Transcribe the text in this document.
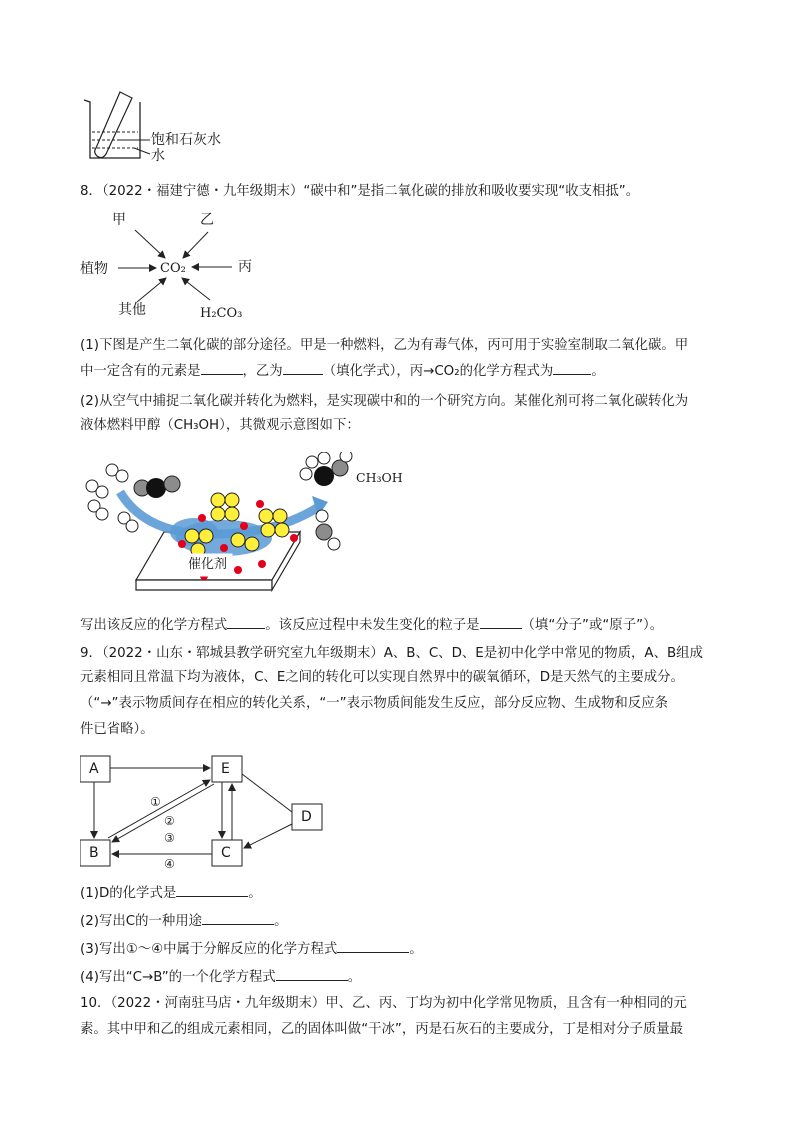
饱和石灰水
水
8．（2022・福建宁德・九年级期末）“碳中和”是指二氧化碳的排放和吸收要实现“收支相抵”。
甲	乙
植物	CO₂	丙
其他	H₂CO₃
(1)下图是产生二氧化碳的部分途径。甲是一种燃料，乙为有毒气体，丙可用于实验室制取二氧化碳。甲
中一定含有的元素是	，乙为	（填化学式），丙→CO₂的化学方程式为	。
(2)从空气中捕捉二氧化碳并转化为燃料，是实现碳中和的一个研究方向。某催化剂可将二氧化碳转化为
液体燃料甲醇（CH₃OH），其微观示意图如下：
CH₃OH
催化剂
写出该反应的化学方程式	。该反应过程中未发生变化的粒子是	（填“分子”或“原子”）。
9．（2022・山东・郓城县教学研究室九年级期末）A、B、C、D、E是初中化学中常见的物质，A、B组成
元素相同且常温下均为液体，C、E之间的转化可以实现自然界中的碳氧循环，D是天然气的主要成分。
（“→”表示物质间存在相应的转化关系，“一”表示物质间能发生反应，部分反应物、生成物和反应条
件已省略）。
A	E
D
B	C
①
②
③
④
(1)D的化学式是	。
(2)写出C的一种用途	。
(3)写出①～④中属于分解反应的化学方程式	。
(4)写出“C→B”的一个化学方程式	。
10．（2022・河南驻马店・九年级期末）甲、乙、丙、丁均为初中化学常见物质，且含有一种相同的元
素。其中甲和乙的组成元素相同，乙的固体叫做“干冰”，丙是石灰石的主要成分，丁是相对分子质量最
